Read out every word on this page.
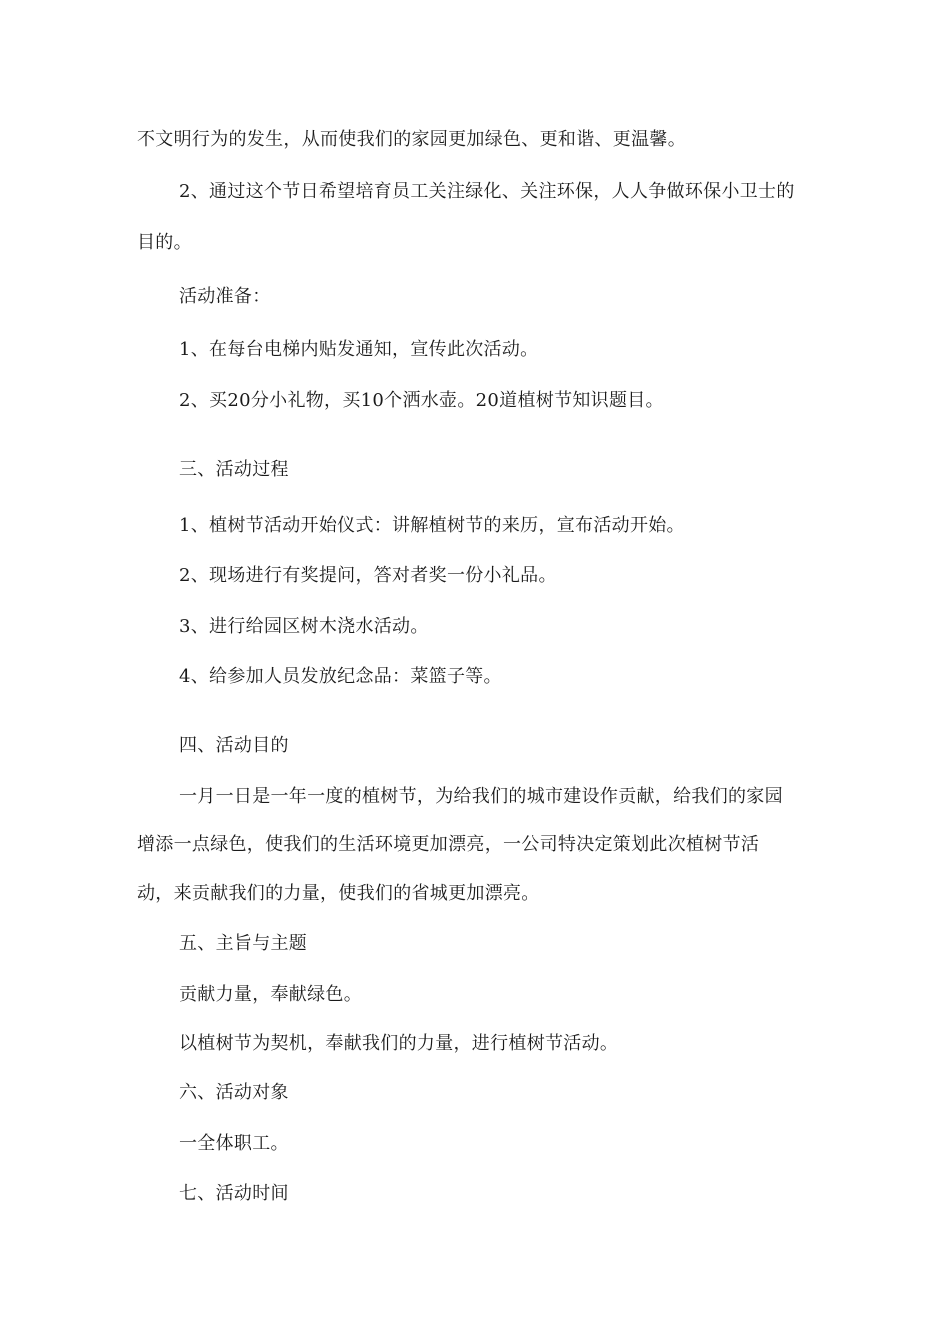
不文明行为的发生，从而使我们的家园更加绿色、更和谐、更温馨。
2、通过这个节日希望培育员工关注绿化、关注环保，人人争做环保小卫士的
目的。
活动准备：
1、在每台电梯内贴发通知，宣传此次活动。
2、买20分小礼物，买10个洒水壶。20道植树节知识题目。
三、活动过程
1、植树节活动开始仪式：讲解植树节的来历，宣布活动开始。
2、现场进行有奖提问，答对者奖一份小礼品。
3、进行给园区树木浇水活动。
4、给参加人员发放纪念品：菜篮子等。
四、活动目的
一月一日是一年一度的植树节，为给我们的城市建设作贡献，给我们的家园
增添一点绿色，使我们的生活环境更加漂亮，一公司特决定策划此次植树节活
动，来贡献我们的力量，使我们的省城更加漂亮。
五、主旨与主题
贡献力量，奉献绿色。
以植树节为契机，奉献我们的力量，进行植树节活动。
六、活动对象
一全体职工。
七、活动时间
